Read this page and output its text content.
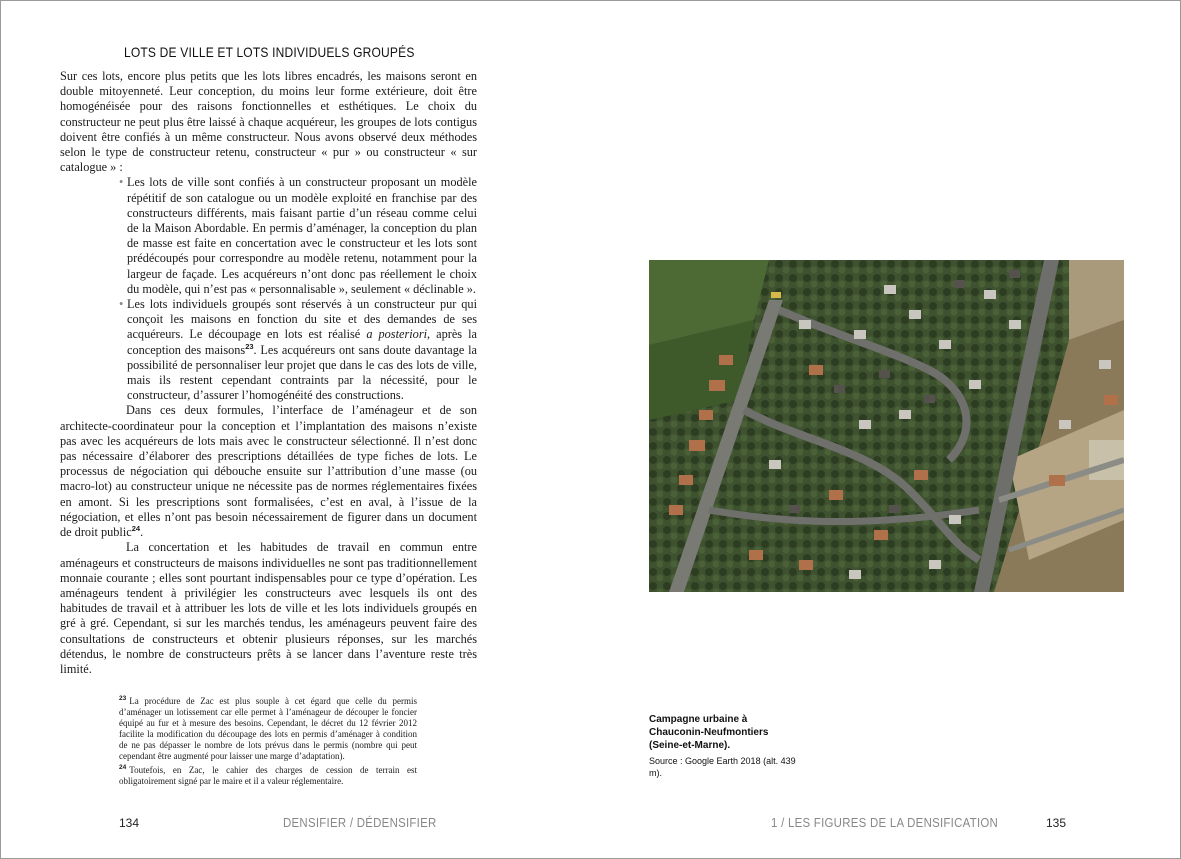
LOTS DE VILLE ET LOTS INDIVIDUELS GROUPÉS

Sur ces lots, encore plus petits que les lots libres encadrés, les maisons seront en double mitoyenneté. Leur conception, du moins leur forme extérieure, doit être homogénéisée pour des raisons fonctionnelles et esthétiques. Le choix du constructeur ne peut plus être laissé à chaque acquéreur, les groupes de lots contigus doivent être confiés à un même constructeur. Nous avons observé deux méthodes selon le type de constructeur retenu, constructeur « pur » ou constructeur « sur catalogue » :

• Les lots de ville sont confiés à un constructeur proposant un modèle répétitif de son catalogue ou un modèle exploité en franchise par des constructeurs différents, mais faisant partie d’un réseau comme celui de la Maison Abordable. En permis d’aménager, la conception du plan de masse est faite en concertation avec le constructeur et les lots sont prédécoupés pour correspondre au modèle retenu, notamment pour la largeur de façade. Les acquéreurs n’ont donc pas réellement le choix du modèle, qui n’est pas « personnalisable », seulement « déclinable ».
• Les lots individuels groupés sont réservés à un constructeur pur qui conçoit les maisons en fonction du site et des demandes de ses acquéreurs. Le découpage en lots est réalisé a posteriori, après la conception des maisons$^{23}$. Les acquéreurs ont sans doute davantage la possibilité de personnaliser leur projet que dans le cas des lots de ville, mais ils restent cependant contraints par la nécessité, pour le constructeur, d’assurer l’homogénéité des constructions.

Dans ces deux formules, l’interface de l’aménageur et de son architecte-coordinateur pour la conception et l’implantation des maisons n’existe pas avec les acquéreurs de lots mais avec le constructeur sélectionné. Il n’est donc pas nécessaire d’élaborer des prescriptions détaillées de type fiches de lots. Le processus de négociation qui débouche ensuite sur l’attribution d’une masse (ou macro-lot) au constructeur unique ne nécessite pas de normes réglementaires fixées en amont. Si les prescriptions sont formalisées, c’est en aval, à l’issue de la négociation, et elles n’ont pas besoin nécessairement de figurer dans un document de droit public$^{24}$.

La concertation et les habitudes de travail en commun entre aménageurs et constructeurs de maisons individuelles ne sont pas traditionnellement monnaie courante ; elles sont pourtant indispensables pour ce type d’opération. Les aménageurs tendent à privilégier les constructeurs avec lesquels ils ont des habitudes de travail et à attribuer les lots de ville et les lots individuels groupés en gré à gré. Cependant, si sur les marchés tendus, les aménageurs peuvent faire des consultations de constructeurs et obtenir plusieurs réponses, sur les marchés détendus, le nombre de constructeurs prêts à se lancer dans l’aventure reste très limité.

$^{23}$ La procédure de Zac est plus souple à cet égard que celle du permis d’aménager un lotissement car elle permet à l’aménageur de découper le foncier équipé au fur et à mesure des besoins. Cependant, le décret du 12 février 2012 facilite la modification du découpage des lots en permis d’aménager à condition de ne pas dépasser le nombre de lots prévus dans le permis (nombre qui peut cependant être augmenté pour laisser une marge d’adaptation).

$^{24}$ Toutefois, en Zac, le cahier des charges de cession de terrain est obligatoirement signé par le maire et il a valeur réglementaire.

134	DENSIFIER / DÉDENSIFIER
Campagne urbaine à Chauconin-Neufmontiers (Seine-et-Marne).
Source : Google Earth 2018 (alt. 439 m).
1 / LES FIGURES DE LA DENSIFICATION	135
